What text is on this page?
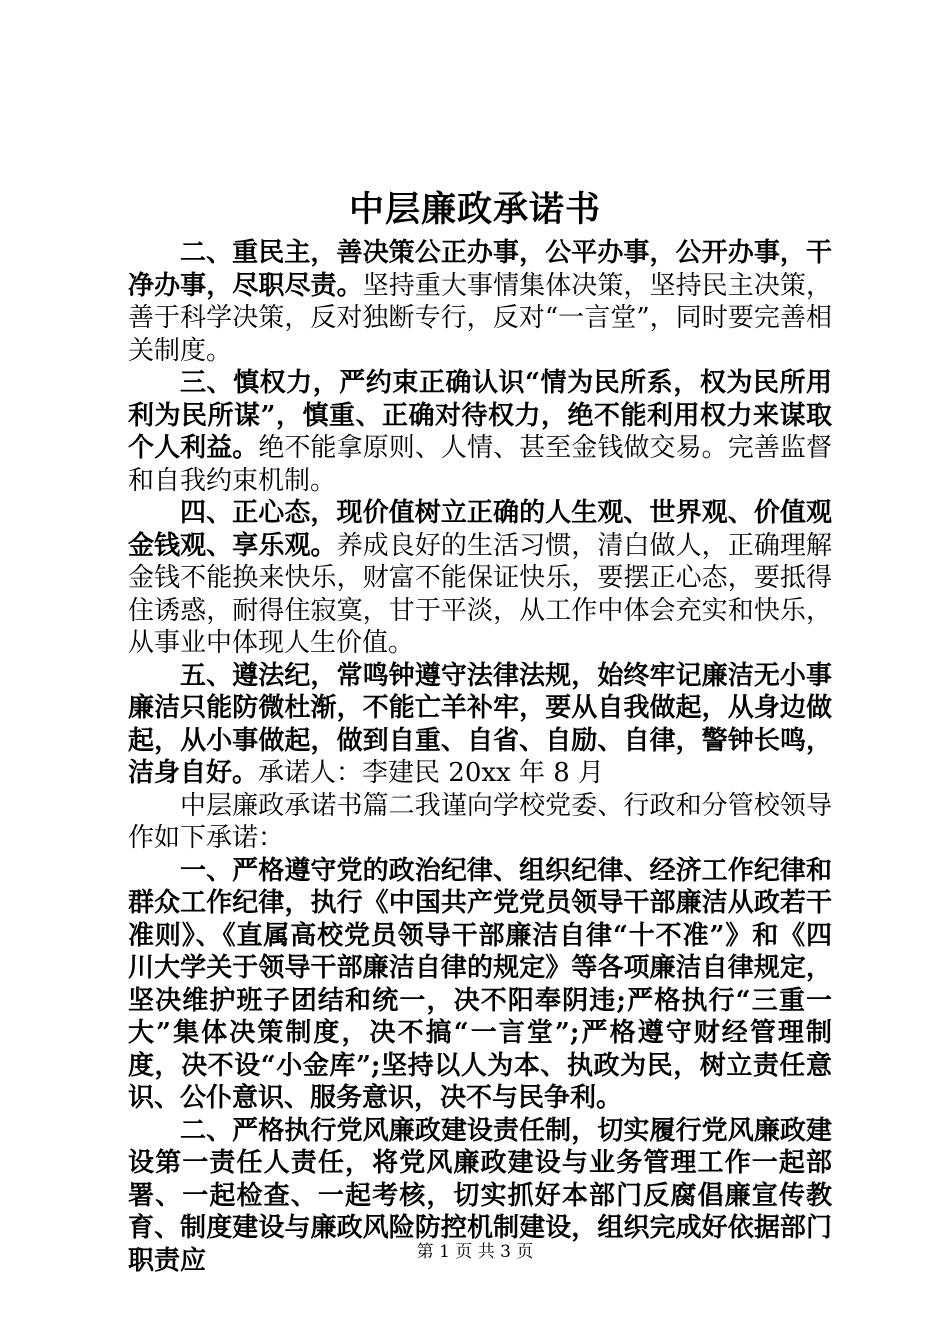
中层廉政承诺书

二、重民主，善决策公正办事，公平办事，公开办事，干净办事，尽职尽责。坚持重大事情集体决策，坚持民主决策，善于科学决策，反对独断专行，反对“一言堂”，同时要完善相关制度。

三、慎权力，严约束正确认识“情为民所系，权为民所用利为民所谋”，慎重、正确对待权力，绝不能利用权力来谋取个人利益。绝不能拿原则、人情、甚至金钱做交易。完善监督和自我约束机制。

四、正心态，现价值树立正确的人生观、世界观、价值观金钱观、享乐观。养成良好的生活习惯，清白做人，正确理解金钱不能换来快乐，财富不能保证快乐，要摆正心态，要抵得住诱惑，耐得住寂寞，甘于平淡，从工作中体会充实和快乐，从事业中体现人生价值。

五、遵法纪，常鸣钟遵守法律法规，始终牢记廉洁无小事廉洁只能防微杜渐，不能亡羊补牢，要从自我做起，从身边做起，从小事做起，做到自重、自省、自励、自律，警钟长鸣，洁身自好。承诺人：李建民 20xx 年 8 月

中层廉政承诺书篇二我谨向学校党委、行政和分管校领导作如下承诺：

一、严格遵守党的政治纪律、组织纪律、经济工作纪律和群众工作纪律，执行《中国共产党党员领导干部廉洁从政若干准则》、《直属高校党员领导干部廉洁自律“十不准”》和《四川大学关于领导干部廉洁自律的规定》等各项廉洁自律规定，坚决维护班子团结和统一，决不阳奉阴违;严格执行“三重一大”集体决策制度，决不搞“一言堂”;严格遵守财经管理制度，决不设“小金库”;坚持以人为本、执政为民，树立责任意识、公仆意识、服务意识，决不与民争利。

二、严格执行党风廉政建设责任制，切实履行党风廉政建设第一责任人责任，将党风廉政建设与业务管理工作一起部署、一起检查、一起考核，切实抓好本部门反腐倡廉宣传教育、制度建设与廉政风险防控机制建设，组织完成好依据部门职责应	第 1 页 共 3 页
